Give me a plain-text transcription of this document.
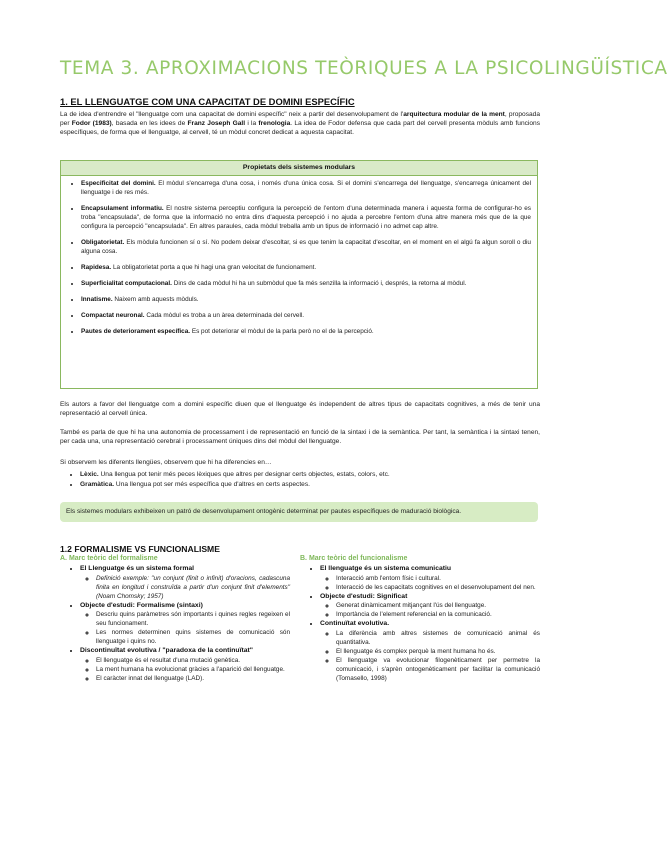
TEMA 3. APROXIMACIONS TEÒRIQUES A LA PSICOLINGÜÍSTICA
1. EL LLENGUATGE COM UNA CAPACITAT DE DOMINI ESPECÍFIC
La de idea d'entrendre el "llenguatge com una capacitat de domini específic" neix a partir del desenvolupament de l'arquitectura modular de la ment, proposada per Fodor (1983), basada en les idees de Franz Joseph Gall i la frenologia. La idea de Fodor defensa que cada part del cervell presenta mòduls amb funcions específiques, de forma que el llenguatge, al cervell, té un mòdul concret dedicat a aquesta capacitat.
Propietats dels sistemes modulars
• Especificitat del domini. El mòdul s'encarrega d'una cosa, i només d'una única cosa. Si el domini s'encarrega del llenguatge, s'encarrega únicament del llenguatge i de res més.
• Encapsulament informatiu. El nostre sistema perceptiu configura la percepció de l'entorn d'una determinada manera i aquesta forma de configurar-ho es troba "encapsulada", de forma que la informació no entra dins d'aquesta percepció i no ajuda a percebre l'entorn d'una altre manera més que de la que configura la percepció "encapsulada". En altres paraules, cada mòdul treballa amb un tipus de informació i no admet cap altre.
• Obligatorietat. Els mòdula funcionen sí o sí. No podem deixar d'escoltar, si es que tenim la capacitat d'escoltar, en el moment en el algú fa algun soroll o diu alguna cosa.
• Rapidesa. La obligatorietat porta a que hi hagi una gran velocitat de funcionament.
• Superficialitat computacional. Dins de cada mòdul hi ha un submòdul que fa més senzilla la informació i, després, la retorna al mòdul.
• Innatisme. Naixem amb aquests mòduls.
• Compactat neuronal. Cada mòdul es troba a un àrea determinada del cervell.
• Pautes de deteriorament específica. Es pot deteriorar el mòdul de la parla però no el de la percepció.
Els autors a favor del llenguatge com a domini específic diuen que el llenguatge és independent de altres tipus de capacitats cognitives, a més de tenir una representació al cervell única.
També es parla de que hi ha una autonomia de processament i de representació en funció de la sintaxi i de la semàntica. Per tant, la semàntica i la sintaxi tenen, per cada una, una representació cerebral i processament úniques dins del mòdul del llenguatge.
Si observem les diferents llengües, observem que hi ha diferencies en…
• Lèxic. Una llengua pot tenir més peces lèxiques que altres per designar certs objectes, estats, colors, etc.
• Gramàtica. Una llengua pot ser més específica que d'altres en certs aspectes.
Els sistemes modulars exhibeixen un patró de desenvolupament ontogènic determinat per pautes específiques de maduració biològica.
1.2 FORMALISME VS FUNCIONALISME
A. Marc teòric del formalisme
• El Llenguatge és un sistema formal
◦ Definició exemple: "un conjunt (finit o infinit) d'oracions, cadascuna finita en longitud i construïda a partir d'un conjunt finit d'elements" (Noam Chomsky; 1957)
• Objecte d'estudi: Formalisme (sintaxi)
◦ Descriu quins paràmetres són importants i quines regles regeixen el seu funcionament.
◦ Les normes determinen quins sistemes de comunicació són llenguatge i quins no.
• Discontinuïtat evolutiva / "paradoxa de la continuïtat"
◦ El llenguatge és el resultat d'una mutació genètica.
◦ La ment humana ha evolucionat gràcies a l'aparició del llenguatge.
◦ El caràcter innat del llenguatge (LAD).
B. Marc teòric del funcionalisme
• El llenguatge és un sistema comunicatiu
◦ Interacció amb l'entorn físic i cultural.
◦ Interacció de les capacitats cognitives en el desenvolupament del nen.
• Objecte d'estudi: Significat
◦ Generat dinàmicament mitjançant l'ús del llenguatge.
◦ Importància de l'element referencial en la comunicació.
• Continuïtat evolutiva.
◦ La diferència amb altres sistemes de comunicació animal és quantitativa.
◦ El llenguatge és complex perquè la ment humana ho és.
◦ El llenguatge va evolucionar filogenèticament per permetre la comunicació, i s'aprèn ontogenèticament per facilitar la comunicació (Tomasello, 1998)
